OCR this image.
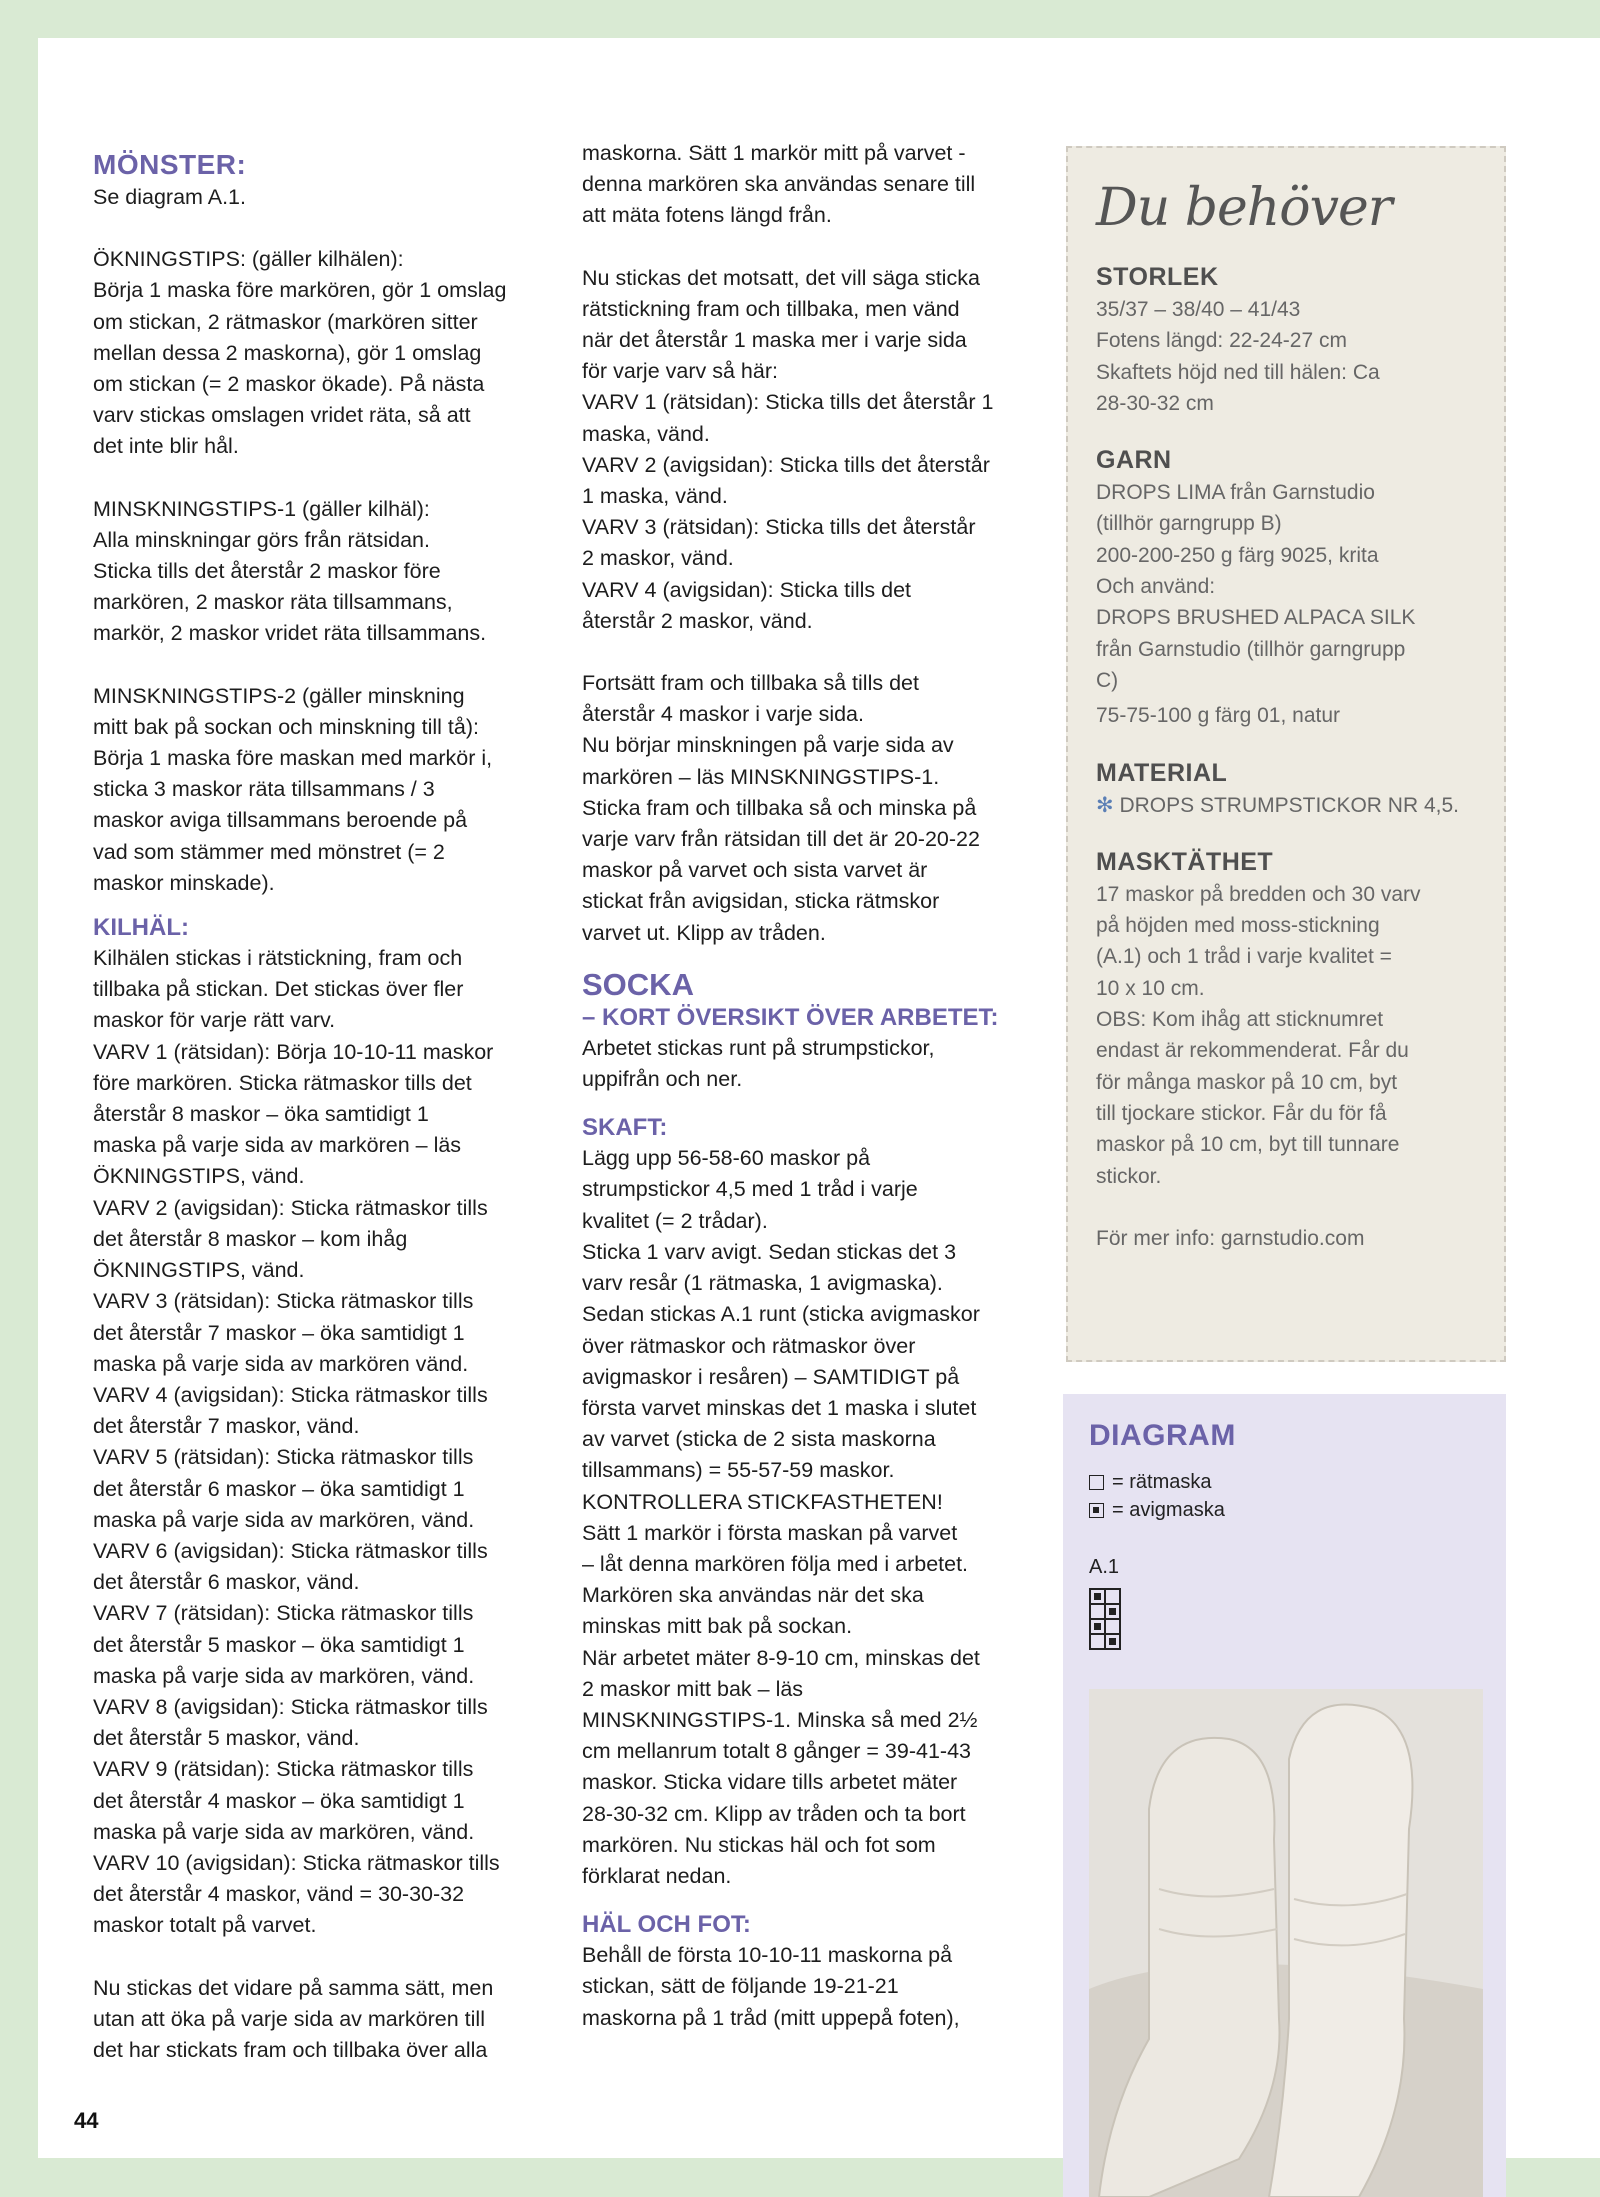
MÖNSTER:

Se diagram A.1.

ÖKNINGSTIPS: (gäller kilhälen):

Börja 1 maska före markören, gör 1 omslag

om stickan, 2 rätmaskor (markören sitter

mellan dessa 2 maskorna), gör 1 omslag

om stickan (= 2 maskor ökade). På nästa

varv stickas omslagen vridet räta, så att

det inte blir hål.

MINSKNINGSTIPS-1 (gäller kilhäl):

Alla minskningar görs från rätsidan.

Sticka tills det återstår 2 maskor före

markören, 2 maskor räta tillsammans,

markör, 2 maskor vridet räta tillsammans.

MINSKNINGSTIPS-2 (gäller minskning

mitt bak på sockan och minskning till tå):

Börja 1 maska före maskan med markör i,

sticka 3 maskor räta tillsammans / 3

maskor aviga tillsammans beroende på

vad som stämmer med mönstret (= 2

maskor minskade).

KILHÄL:

Kilhälen stickas i rätstickning, fram och

tillbaka på stickan. Det stickas över fler

maskor för varje rätt varv.

VARV 1 (rätsidan): Börja 10-10-11 maskor

före markören. Sticka rätmaskor tills det

återstår 8 maskor – öka samtidigt 1

maska på varje sida av markören – läs

ÖKNINGSTIPS, vänd.

VARV 2 (avigsidan): Sticka rätmaskor tills

det återstår 8 maskor – kom ihåg

ÖKNINGSTIPS, vänd.

VARV 3 (rätsidan): Sticka rätmaskor tills

det återstår 7 maskor – öka samtidigt 1

maska på varje sida av markören vänd.

VARV 4 (avigsidan): Sticka rätmaskor tills

det återstår 7 maskor, vänd.

VARV 5 (rätsidan): Sticka rätmaskor tills

det återstår 6 maskor – öka samtidigt 1

maska på varje sida av markören, vänd.

VARV 6 (avigsidan): Sticka rätmaskor tills

det återstår 6 maskor, vänd.

VARV 7 (rätsidan): Sticka rätmaskor tills

det återstår 5 maskor – öka samtidigt 1

maska på varje sida av markören, vänd.

VARV 8 (avigsidan): Sticka rätmaskor tills

det återstår 5 maskor, vänd.

VARV 9 (rätsidan): Sticka rätmaskor tills

det återstår 4 maskor – öka samtidigt 1

maska på varje sida av markören, vänd.

VARV 10 (avigsidan): Sticka rätmaskor tills

det återstår 4 maskor, vänd = 30-30-32

maskor totalt på varvet.

Nu stickas det vidare på samma sätt, men

utan att öka på varje sida av markören till

det har stickats fram och tillbaka över alla

maskorna. Sätt 1 markör mitt på varvet -

denna markören ska användas senare till

att mäta fotens längd från.

Nu stickas det motsatt, det vill säga sticka

rätstickning fram och tillbaka, men vänd

när det återstår 1 maska mer i varje sida

för varje varv så här:

VARV 1 (rätsidan): Sticka tills det återstår 1

maska, vänd.

VARV 2 (avigsidan): Sticka tills det återstår

1 maska, vänd.

VARV 3 (rätsidan): Sticka tills det återstår

2 maskor, vänd.

VARV 4 (avigsidan): Sticka tills det

återstår 2 maskor, vänd.

Fortsätt fram och tillbaka så tills det

återstår 4 maskor i varje sida.

Nu börjar minskningen på varje sida av

markören – läs MINSKNINGSTIPS-1.

Sticka fram och tillbaka så och minska på

varje varv från rätsidan till det är 20-20-22

maskor på varvet och sista varvet är

stickat från avigsidan, sticka rätmskor

varvet ut. Klipp av tråden.

SOCKA
– KORT ÖVERSIKT ÖVER ARBETET:

Arbetet stickas runt på strumpstickor,

uppifrån och ner.

SKAFT:

Lägg upp 56-58-60 maskor på

strumpstickor 4,5 med 1 tråd i varje

kvalitet (= 2 trådar).

Sticka 1 varv avigt. Sedan stickas det 3

varv resår (1 rätmaska, 1 avigmaska).

Sedan stickas A.1 runt (sticka avigmaskor

över rätmaskor och rätmaskor över

avigmaskor i resåren) – SAMTIDIGT på

första varvet minskas det 1 maska i slutet

av varvet (sticka de 2 sista maskorna

tillsammans) = 55-57-59 maskor.

KONTROLLERA STICKFASTHETEN!

Sätt 1 markör i första maskan på varvet

– låt denna markören följa med i arbetet.

Markören ska användas när det ska

minskas mitt bak på sockan.

När arbetet mäter 8-9-10 cm, minskas det

2 maskor mitt bak – läs

MINSKNINGSTIPS-1. Minska så med 2½

cm mellanrum totalt 8 gånger = 39-41-43

maskor. Sticka vidare tills arbetet mäter

28-30-32 cm. Klipp av tråden och ta bort

markören. Nu stickas häl och fot som

förklarat nedan.

HÄL OCH FOT:

Behåll de första 10-10-11 maskorna på

stickan, sätt de följande 19-21-21

maskorna på 1 tråd (mitt uppepå foten),

Du behöver
STORLEK

35/37 – 38/40 – 41/43

Fotens längd: 22-24-27 cm

Skaftets höjd ned till hälen: Ca

28-30-32 cm

GARN

DROPS LIMA från Garnstudio

(tillhör garngrupp B)

200-200-250 g färg 9025, krita

Och använd:

DROPS BRUSHED ALPACA SILK

från Garnstudio (tillhör garngrupp

C)

75-75-100 g färg 01, natur

MATERIAL

✻ DROPS STRUMPSTICKOR NR 4,5.

MASKTÄTHET

17 maskor på bredden och 30 varv

på höjden med moss-stickning

(A.1) och 1 tråd i varje kvalitet =

10 x 10 cm.

OBS: Kom ihåg att sticknumret

endast är rekommenderat. Får du

för många maskor på 10 cm, byt

till tjockare stickor. Får du för få

maskor på 10 cm, byt till tunnare

stickor.

För mer info: garnstudio.com

DIAGRAM
= rätmaska
= avigmaska
A.1
44
